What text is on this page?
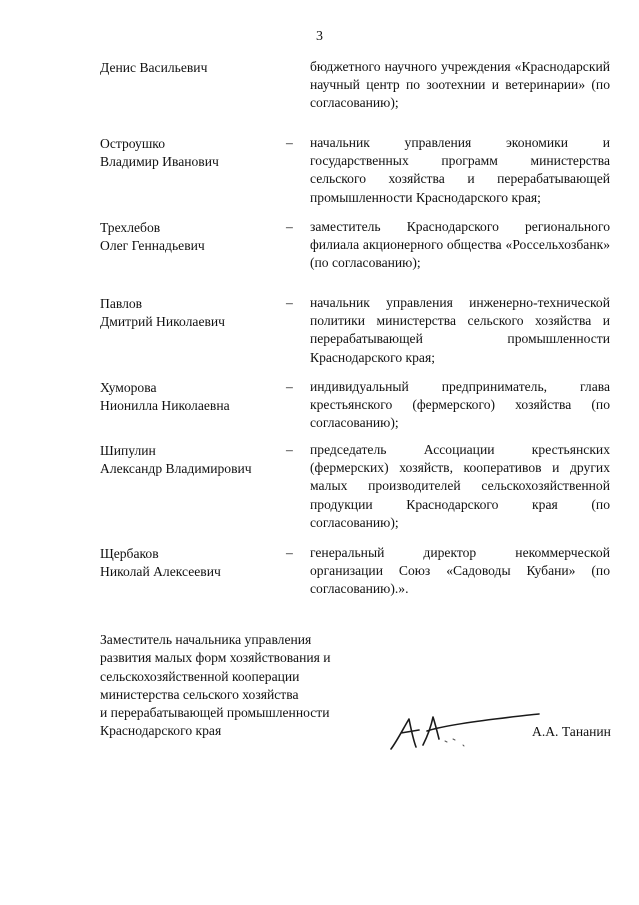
3
Денис Васильевич	бюджетного научного учреждения «Краснодарский научный центр по зоотехнии и ветеринарии» (по согласованию);
Остроушко
Владимир Иванович
–	начальник управления экономики и государственных программ министерства сельского хозяйства и перерабатывающей промышленности Краснодарского края;
Трехлебов
Олег Геннадьевич
–	заместитель Краснодарского регионального филиала акционерного общества «Россельхозбанк» (по согласованию);
Павлов
Дмитрий Николаевич
–	начальник управления инженерно-технической политики министерства сельского хозяйства и перерабатывающей промышленности Краснодарского края;
Хуморова
Нионилла Николаевна
–	индивидуальный предприниматель, глава крестьянского (фермерского) хозяйства (по согласованию);
Шипулин
Александр Владимирович
–	председатель Ассоциации крестьянских (фермерских) хозяйств, кооперативов и других малых производителей сельскохозяйственной продукции Краснодарского края (по согласованию);
Щербаков
Николай Алексеевич
–	генеральный директор некоммерческой организации Союз «Садоводы Кубани» (по согласованию).».
Заместитель начальника управления
развития малых форм хозяйствования и
сельскохозяйственной кооперации
министерства сельского хозяйства
и перерабатывающей промышленности
Краснодарского края	А.А. Тананин
